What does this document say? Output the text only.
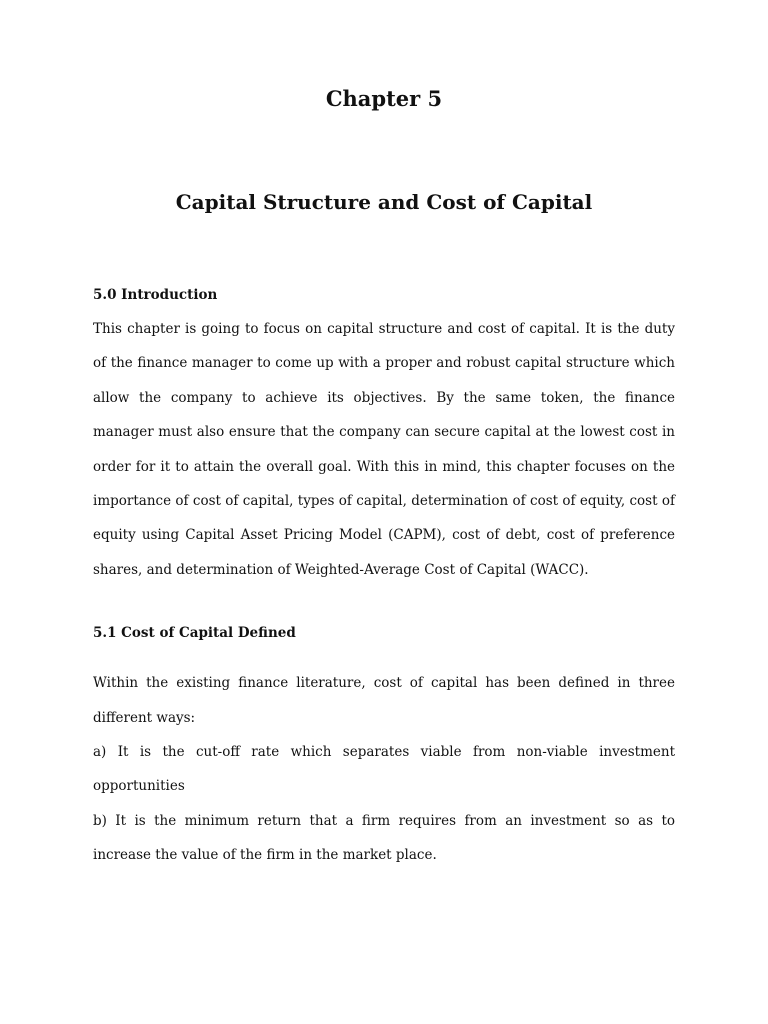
Chapter 5
Capital Structure and Cost of Capital
5.0 Introduction

This chapter is going to focus on capital structure and cost of capital. It is the duty of the finance manager to come up with a proper and robust capital structure which allow the company to achieve its objectives. By the same token, the finance manager must also ensure that the company can secure capital at the lowest cost in order for it to attain the overall goal. With this in mind, this chapter focuses on the importance of cost of capital, types of capital, determination of cost of equity, cost of equity using Capital Asset Pricing Model (CAPM), cost of debt, cost of preference shares, and determination of Weighted-Average Cost of Capital (WACC).

5.1 Cost of Capital Defined

Within the existing finance literature, cost of capital has been defined in three different ways:

a) It is the cut-off rate which separates viable from non-viable investment opportunities

b) It is the minimum return that a firm requires from an investment so as to increase the value of the firm in the market place.
